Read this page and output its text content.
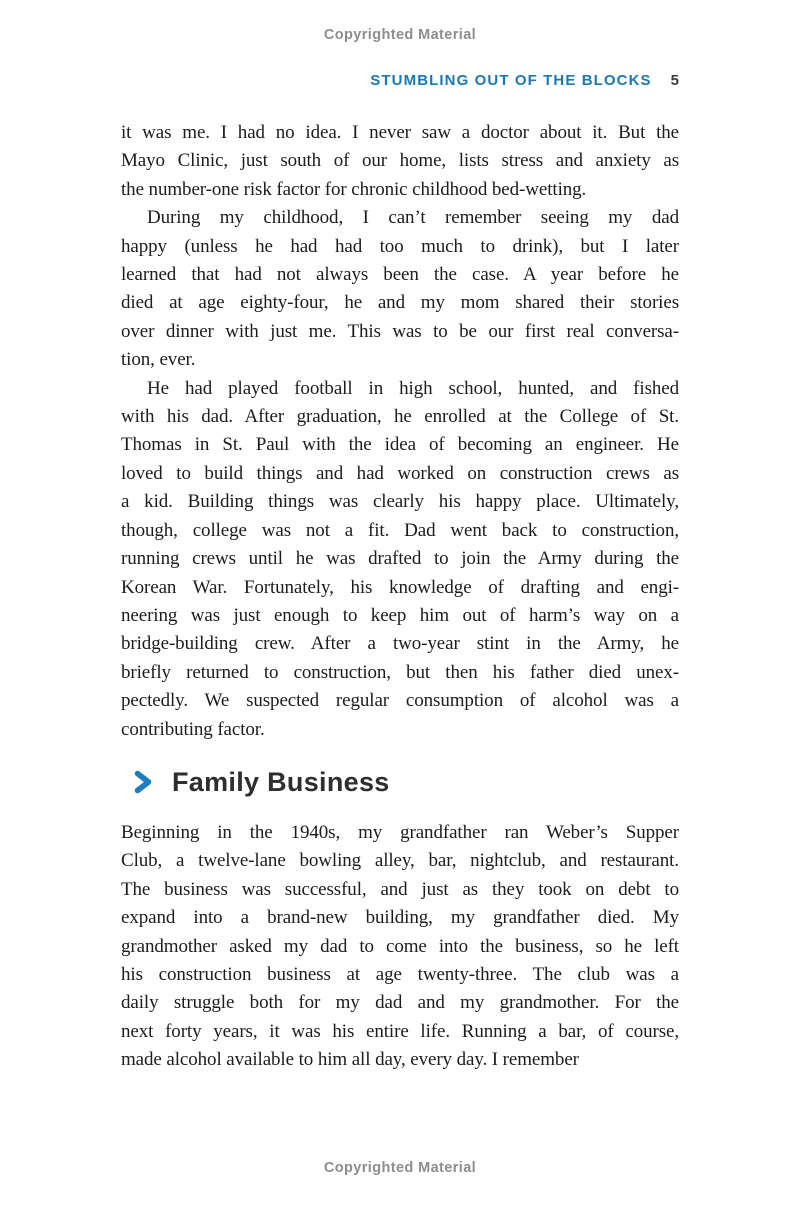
Copyrighted Material
STUMBLING OUT OF THE BLOCKS 5
it was me. I had no idea. I never saw a doctor about it. But the
Mayo Clinic, just south of our home, lists stress and anxiety as
the number-one risk factor for chronic childhood bed-wetting.
During my childhood, I can’t remember seeing my dad
happy (unless he had had too much to drink), but I later
learned that had not always been the case. A year before he
died at age eighty-four, he and my mom shared their stories
over dinner with just me. This was to be our first real conversa-
tion, ever.
He had played football in high school, hunted, and fished
with his dad. After graduation, he enrolled at the College of St.
Thomas in St. Paul with the idea of becoming an engineer. He
loved to build things and had worked on construction crews as
a kid. Building things was clearly his happy place. Ultimately,
though, college was not a fit. Dad went back to construction,
running crews until he was drafted to join the Army during the
Korean War. Fortunately, his knowledge of drafting and engi-
neering was just enough to keep him out of harm’s way on a
bridge-building crew. After a two-year stint in the Army, he
briefly returned to construction, but then his father died unex-
pectedly. We suspected regular consumption of alcohol was a
contributing factor.
Family Business
Beginning in the 1940s, my grandfather ran Weber’s Supper
Club, a twelve-lane bowling alley, bar, nightclub, and restaurant.
The business was successful, and just as they took on debt to
expand into a brand-new building, my grandfather died. My
grandmother asked my dad to come into the business, so he left
his construction business at age twenty-three. The club was a
daily struggle both for my dad and my grandmother. For the
next forty years, it was his entire life. Running a bar, of course,
made alcohol available to him all day, every day. I remember
Copyrighted Material
